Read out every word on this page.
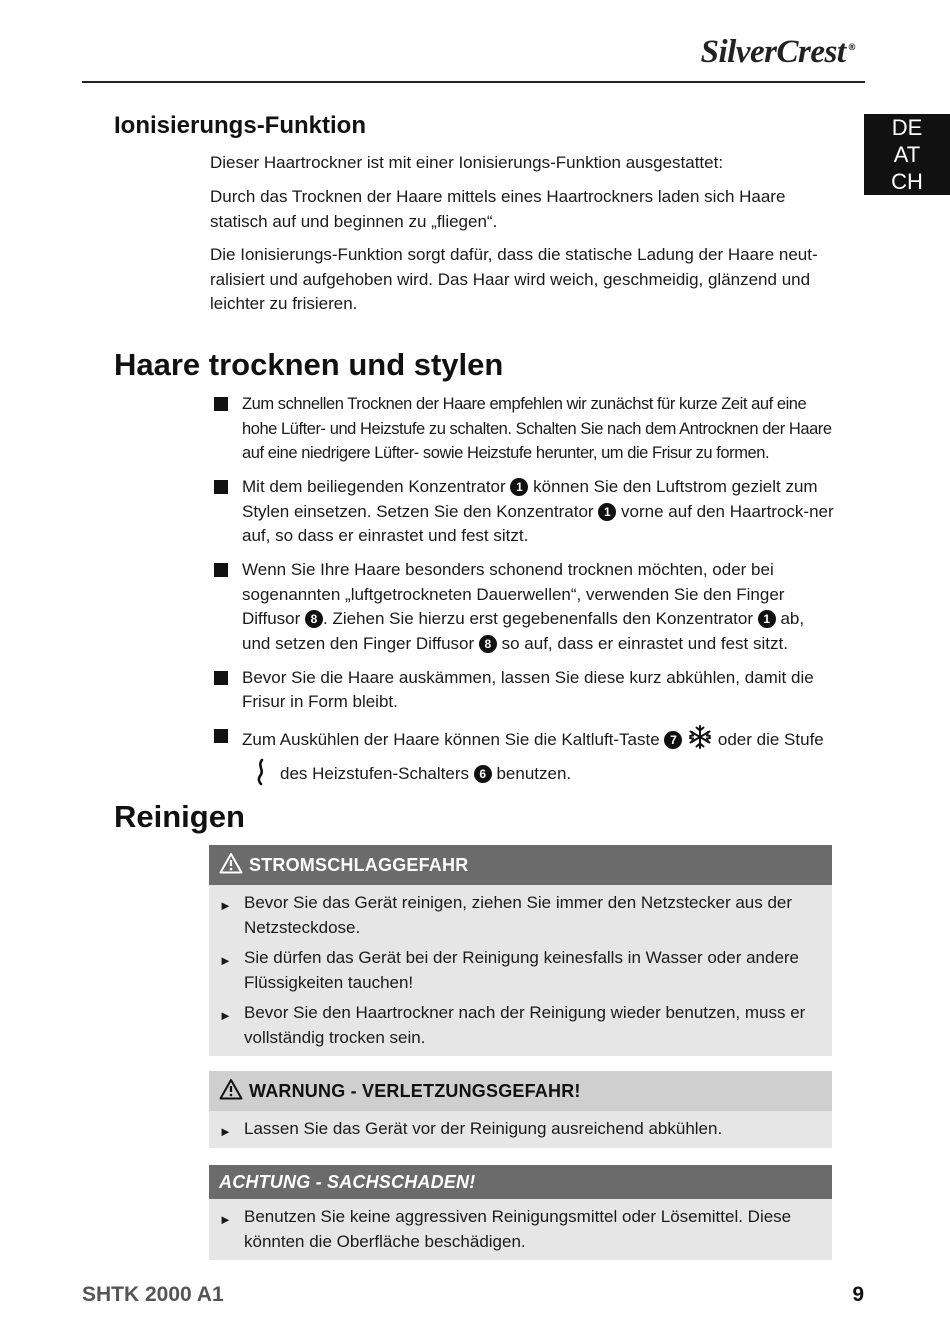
SilverCrest ®
DE
AT
CH
Ionisierungs-Funktion

Dieser Haartrockner ist mit einer Ionisierungs-Funktion ausgestattet:

Durch das Trocknen der Haare mittels eines Haartrockners laden sich Haare statisch auf und beginnen zu „fliegen“.

Die Ionisierungs-Funktion sorgt dafür, dass die statische Ladung der Haare neut-ralisiert und aufgehoben wird. Das Haar wird weich, geschmeidig, glänzend und leichter zu frisieren.

Haare trocknen und stylen
Zum schnellen Trocknen der Haare empfehlen wir zunächst für kurze Zeit auf eine hohe Lüfter- und Heizstufe zu schalten. Schalten Sie nach dem Antrocknen der Haare auf eine niedrigere Lüfter- sowie Heizstufe herunter, um die Frisur zu formen.
Mit dem beiliegenden Konzentrator 1 können Sie den Luftstrom gezielt zum Stylen einsetzen. Setzen Sie den Konzentrator 1 vorne auf den Haartrock-ner auf, so dass er einrastet und fest sitzt.
Wenn Sie Ihre Haare besonders schonend trocknen möchten, oder bei sogenannten „luftgetrockneten Dauerwellen“, verwenden Sie den Finger Diffusor 8 . Ziehen Sie hierzu erst gegebenenfalls den Konzentrator 1 ab, und setzen den Finger Diffusor 8 so auf, dass er einrastet und fest sitzt.
Bevor Sie die Haare auskämmen, lassen Sie diese kurz abkühlen, damit die Frisur in Form bleibt.
Zum Auskühlen der Haare können Sie die Kaltluft-Taste 7 oder die Stufedes Heizstufen-Schalters 6 benutzen.
Reinigen
STROMSCHLAGGEFAHR
► Bevor Sie das Gerät reinigen, ziehen Sie immer den Netzstecker aus der Netzsteckdose.
► Sie dürfen das Gerät bei der Reinigung keinesfalls in Wasser oder andere Flüssigkeiten tauchen!
► Bevor Sie den Haartrockner nach der Reinigung wieder benutzen, muss er vollständig trocken sein.
WARNUNG - VERLETZUNGSGEFAHR!
► Lassen Sie das Gerät vor der Reinigung ausreichend abkühlen.
ACHTUNG - SACHSCHADEN!
► Benutzen Sie keine aggressiven Reinigungsmittel oder Lösemittel. Diese könnten die Oberfläche beschädigen.
SHTK 2000 A1	9
